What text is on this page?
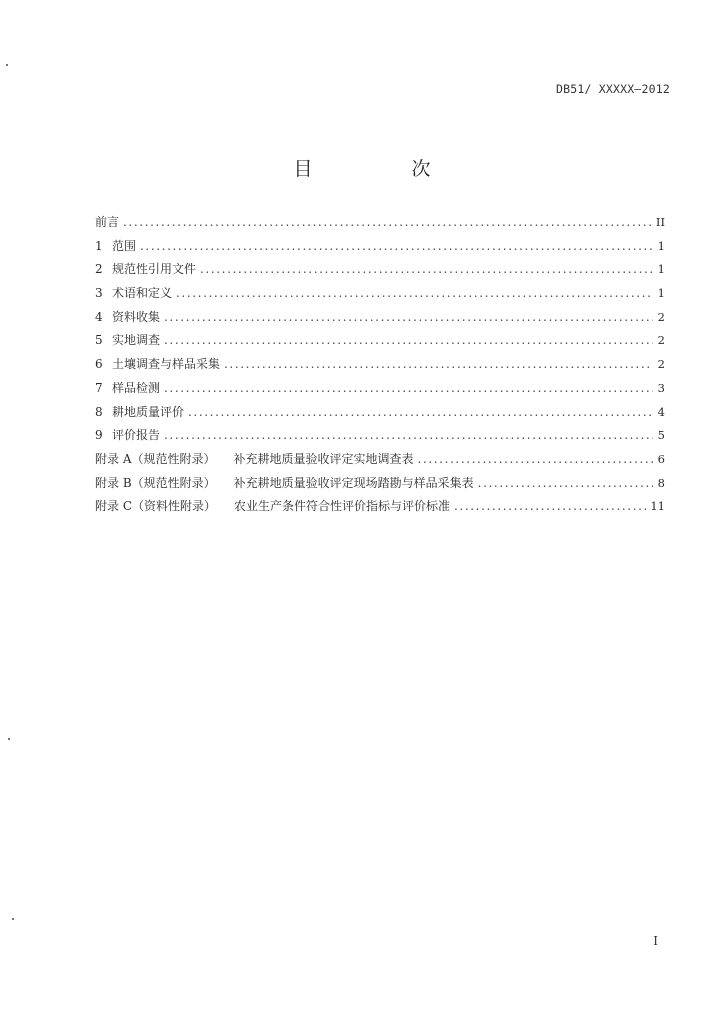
DB51/ XXXXX—2012
目　次
前言 .....	II
1 范围 .....	1
2 规范性引用文件 .....	1
3 术语和定义 .....	1
4 资料收集 .....	2
5 实地调查 .....	2
6 土壤调查与样品采集 .....	2
7 样品检测 .....	3
8 耕地质量评价 .....	4
9 评价报告 .....	5
附录 A（规范性附录） 补充耕地质量验收评定实地调查表 .....	6
附录 B（规范性附录） 补充耕地质量验收评定现场踏勘与样品采集表 .....	8
附录 C（资料性附录） 农业生产条件符合性评价指标与评价标准 .....	11
I
